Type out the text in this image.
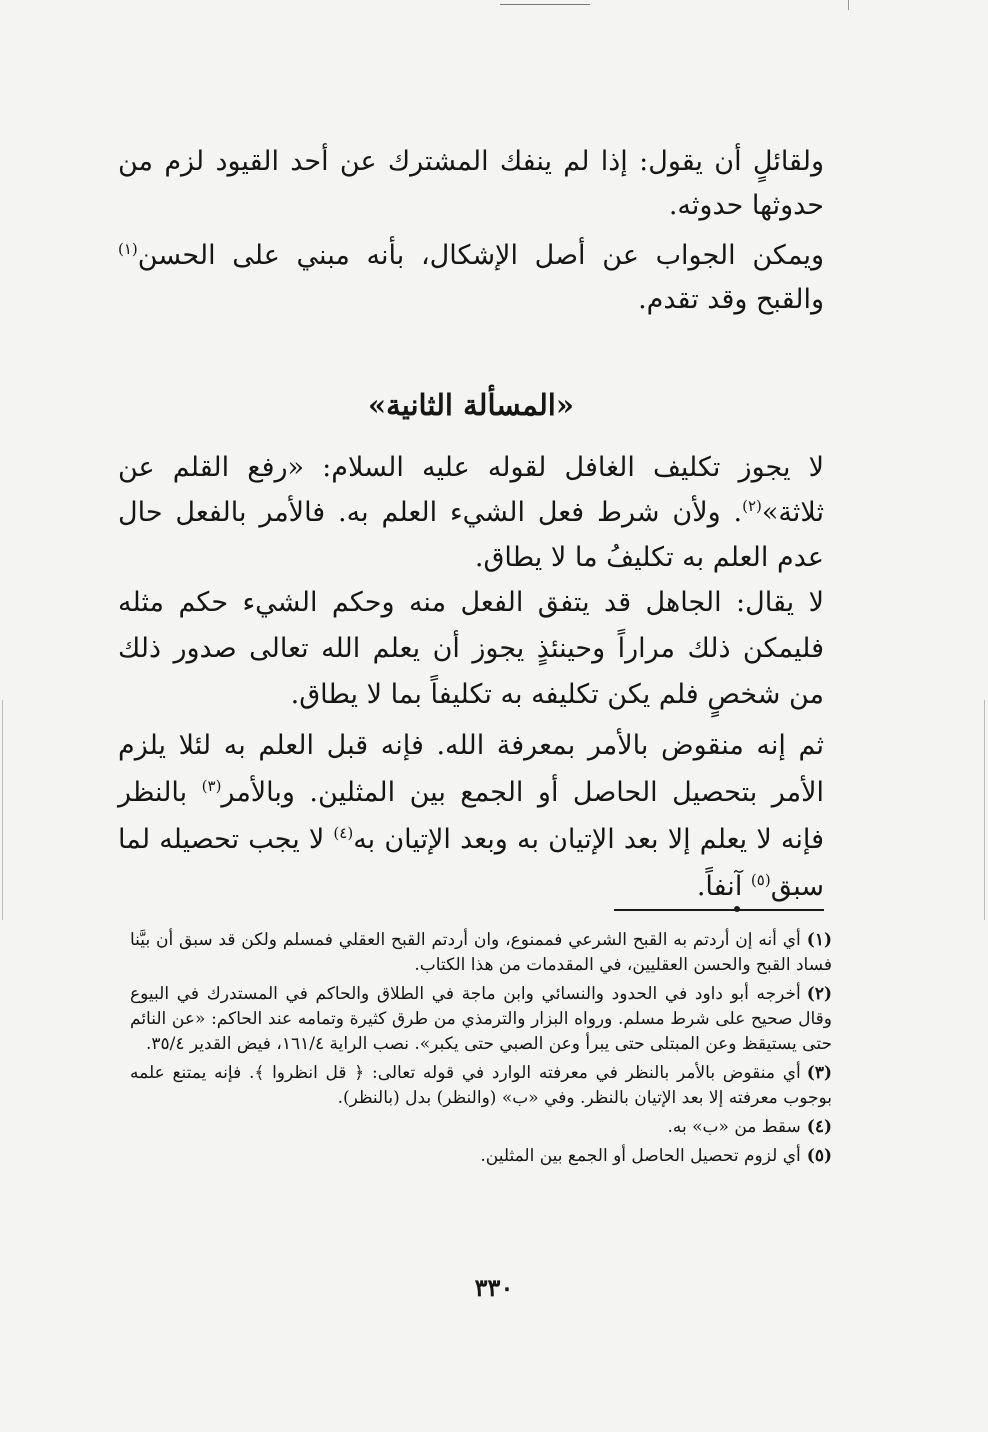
ولقائلٍ أن يقول: إذا لم ينفك المشترك عن أحد القيود لزم من حدوثها حدوثه.

ويمكن الجواب عن أصل الإشكال، بأنه مبني على الحسن$^{(١)}$ والقبح وقد تقدم.

«المسألة الثانية»

لا يجوز تكليف الغافل لقوله عليه السلام: «رفع القلم عن ثلاثة»$^{(٢)}$. ولأن شرط فعل الشيء العلم به. فالأمر بالفعل حال عدم العلم به تكليفُ ما لا يطاق.

لا يقال: الجاهل قد يتفق الفعل منه وحكم الشيء حكم مثله فليمكن ذلك مراراً وحينئذٍ يجوز أن يعلم الله تعالى صدور ذلك من شخصٍ فلم يكن تكليفه به تكليفاً بما لا يطاق.

ثم إنه منقوض بالأمر بمعرفة الله. فإنه قبل العلم به لئلا يلزم الأمر بتحصيل الحاصل أو الجمع بين المثلين. وبالأمر$^{(٣)}$ بالنظر فإنه لا يعلم إلا بعد الإتيان به وبعد الإتيان به$^{(٤)}$ لا يجب تحصيله لما سبق$^{(٥)}$ آنفاً.

(١)أي أنه إن أردتم به القبح الشرعي فممنوع، وان أردتم القبح العقلي فمسلم ولكن قد سبق أن بيَّنا فساد القبح والحسن العقليين، في المقدمات من هذا الكتاب.

(٢)أخرجه أبو داود في الحدود والنسائي وابن ماجة في الطلاق والحاكم في المستدرك في البيوع وقال صحيح على شرط مسلم. ورواه البزار والترمذي من طرق كثيرة وتمامه عند الحاكم: «عن النائم حتى يستيقظ وعن المبتلى حتى يبرأ وعن الصبي حتى يكبر». نصب الراية ١٦١/٤، فيض القدير ٣٥/٤.

(٣)أي منقوض بالأمر بالنظر في معرفته الوارد في قوله تعالى: ﴿ قل انظروا ﴾. فإنه يمتنع علمه بوجوب معرفته إلا بعد الإتيان بالنظر. وفي «ب» (والنظر) بدل (بالنظر).

(٤)سقط من «ب» به.

(٥)أي لزوم تحصيل الحاصل أو الجمع بين المثلين.

٣٣٠
